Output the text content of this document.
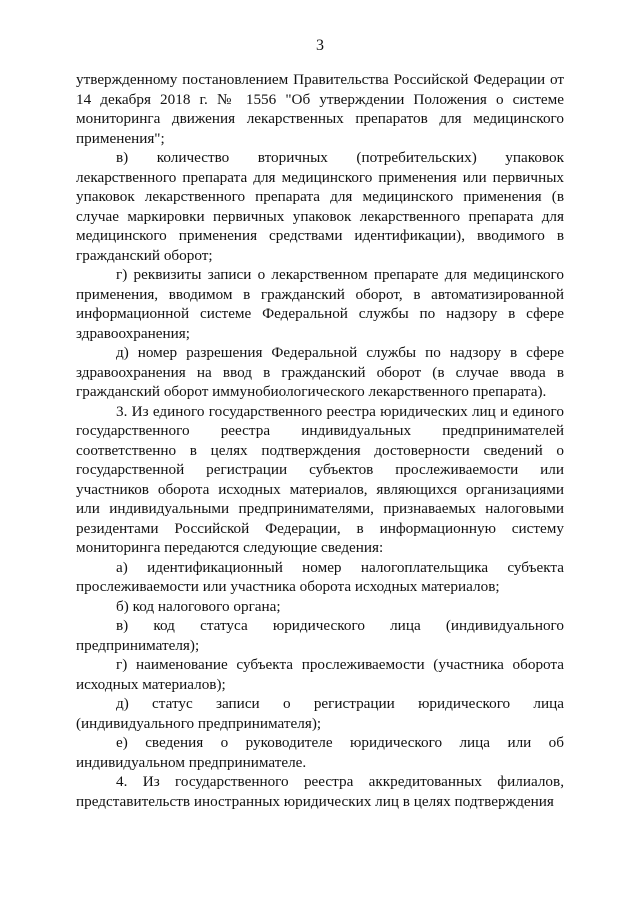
3

утвержденному постановлением Правительства Российской Федерации от 14 декабря 2018 г. № 1556 "Об утверждении Положения о системе мониторинга движения лекарственных препаратов для медицинского применения";

в) количество вторичных (потребительских) упаковок лекарственного препарата для медицинского применения или первичных упаковок лекарственного препарата для медицинского применения (в случае маркировки первичных упаковок лекарственного препарата для медицинского применения средствами идентификации), вводимого в гражданский оборот;

г) реквизиты записи о лекарственном препарате для медицинского применения, вводимом в гражданский оборот, в автоматизированной информационной системе Федеральной службы по надзору в сфере здравоохранения;

д) номер разрешения Федеральной службы по надзору в сфере здравоохранения на ввод в гражданский оборот (в случае ввода в гражданский оборот иммунобиологического лекарственного препарата).

3. Из единого государственного реестра юридических лиц и единого государственного реестра индивидуальных предпринимателей соответственно в целях подтверждения достоверности сведений о государственной регистрации субъектов прослеживаемости или участников оборота исходных материалов, являющихся организациями или индивидуальными предпринимателями, признаваемых налоговыми резидентами Российской Федерации, в информационную систему мониторинга передаются следующие сведения:

а) идентификационный номер налогоплательщика субъекта прослеживаемости или участника оборота исходных материалов;

б) код налогового органа;

в) код статуса юридического лица (индивидуального предпринимателя);

г) наименование субъекта прослеживаемости (участника оборота исходных материалов);

д) статус записи о регистрации юридического лица (индивидуального предпринимателя);

е) сведения о руководителе юридического лица или об индивидуальном предпринимателе.

4. Из государственного реестра аккредитованных филиалов, представительств иностранных юридических лиц в целях подтверждения
